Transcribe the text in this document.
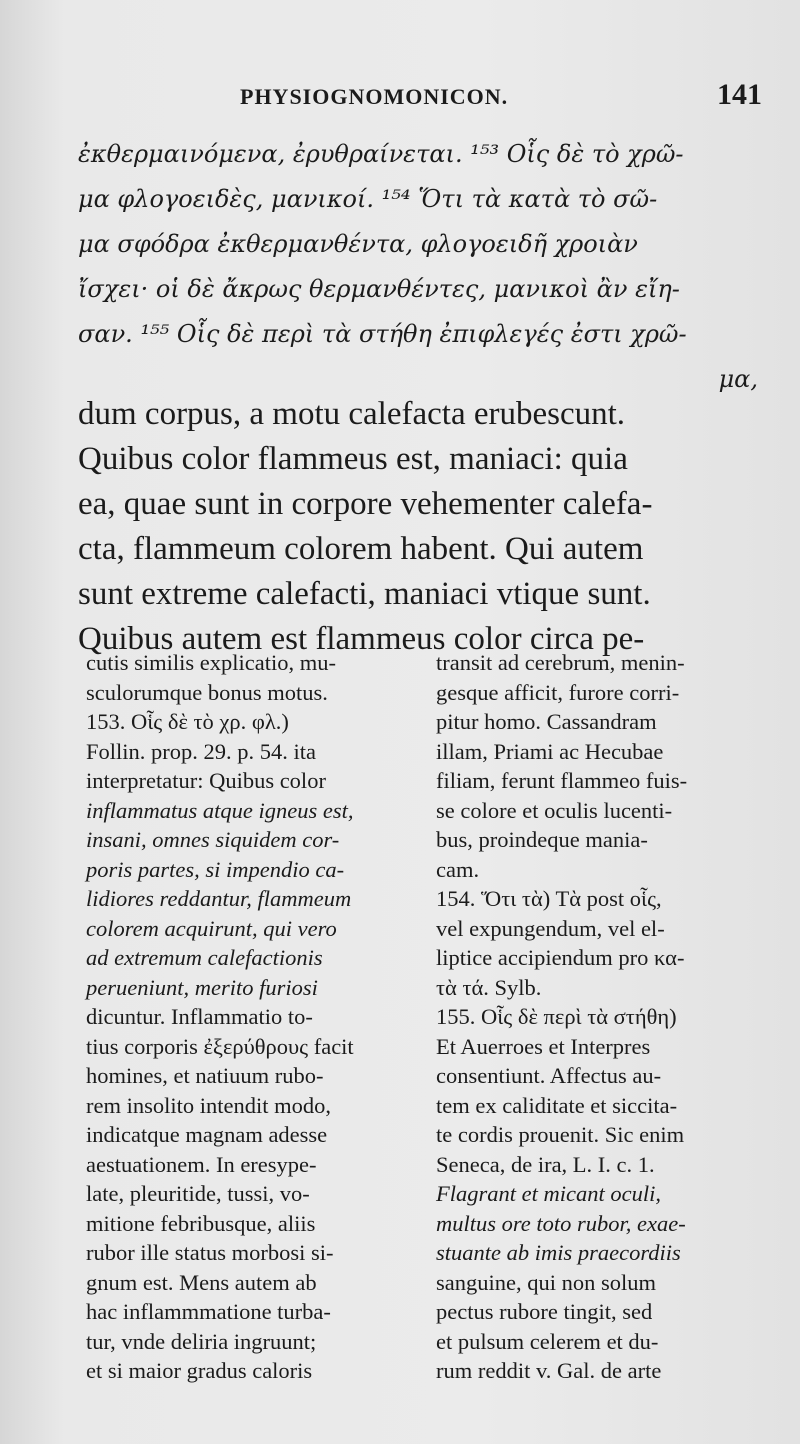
PHYSIOGNOMONICON.	141
ἐκθερμαινόμενα, ἐρυθραίνεται. ¹⁵³ Οἷς δὲ τὸ χρῶ-
μα φλογοειδὲς, μανικοί. ¹⁵⁴ Ὅτι τὰ κατὰ τὸ σῶ-
μα σφόδρα ἐκθερμανθέντα, φλογοειδῆ χροιὰν
ἴσχει· οἱ δὲ ἄκρως θερμανθέντες, μανικοὶ ἂν εἴη-
σαν. ¹⁵⁵ Οἷς δὲ περὶ τὰ στήθη ἐπιφλεγές ἐστι χρῶ-
μα,
dum corpus, a motu calefacta erubescunt.
Quibus color flammeus est, maniaci: quia
ea, quae sunt in corpore vehementer calefa-
cta, flammeum colorem habent. Qui autem
sunt extreme calefacti, maniaci vtique sunt.
Quibus autem est flammeus color circa pe-
cutis similis explicatio, mu-
sculorumque bonus motus.
153. Οἷς δὲ τὸ χρ. φλ.)
Follin. prop. 29. p. 54. ita
interpretatur: Quibus color
inflammatus atque igneus est,
insani, omnes siquidem cor-
poris partes, si impendio ca-
lidiores reddantur, flammeum
colorem acquirunt, qui vero
ad extremum calefactionis
perueniunt, merito furiosi
dicuntur. Inflammatio to-
tius corporis ἐξερύθρους facit
homines, et natiuum rubo-
rem insolito intendit modo,
indicatque magnam adesse
aestuationem. In eresype-
late, pleuritide, tussi, vo-
mitione febribusque, aliis
rubor ille status morbosi si-
gnum est. Mens autem ab
hac inflammmatione turba-
tur, vnde deliria ingruunt;
et si maior gradus caloris
transit ad cerebrum, menin-
gesque afficit, furore corri-
pitur homo. Cassandram
illam, Priami ac Hecubae
filiam, ferunt flammeo fuis-
se colore et oculis lucenti-
bus, proindeque mania-
cam.
154. Ὅτι τὰ) Τὰ post οἷς,
vel expungendum, vel el-
liptice accipiendum pro κα-
τὰ τά. Sylb.
155. Οἷς δὲ περὶ τὰ στήθη)
Et Auerroes et Interpres
consentiunt. Affectus au-
tem ex caliditate et siccita-
te cordis prouenit. Sic enim
Seneca, de ira, L. I. c. 1.
Flagrant et micant oculi,
multus ore toto rubor, exae-
stuante ab imis praecordiis
sanguine, qui non solum
pectus rubore tingit, sed
et pulsum celerem et du-
rum reddit v. Gal. de arte
